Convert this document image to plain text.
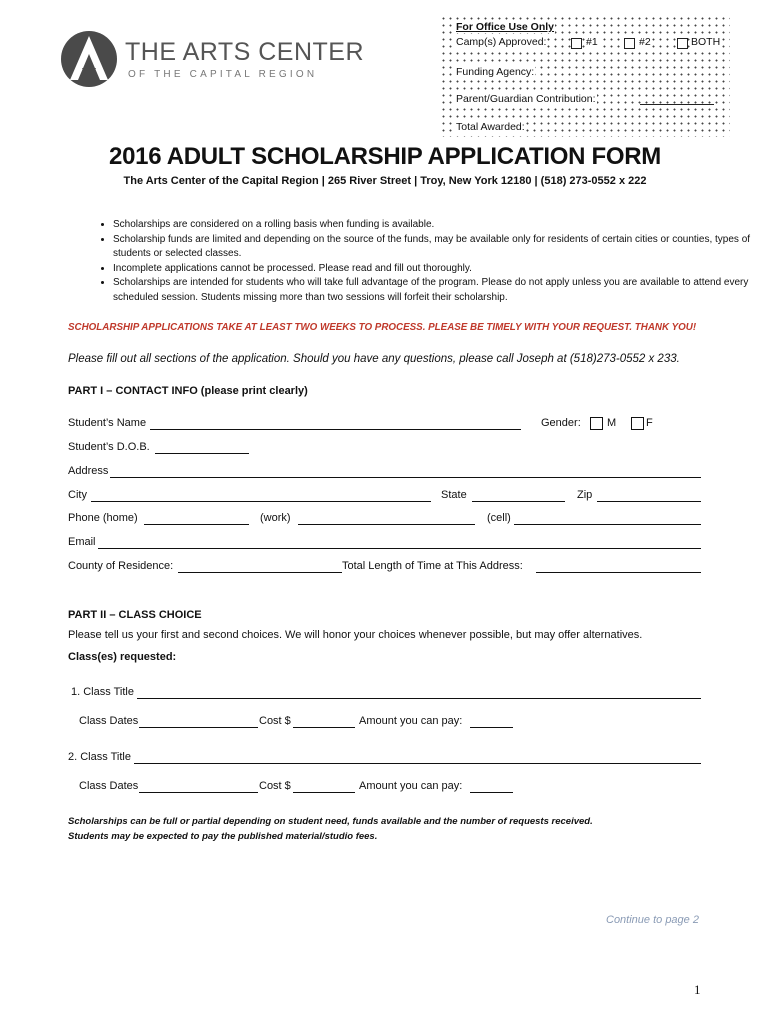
THE ARTS CENTER
OF THE CAPITAL REGION
For Office Use Only
Camp(s) Approved:	#1	#2	BOTH
Funding Agency:
Parent/Guardian Contribution:
Total Awarded:
2016 ADULT SCHOLARSHIP APPLICATION FORM
The Arts Center of the Capital Region | 265 River Street | Troy, New York 12180 | (518) 273-0552 x 222
• Scholarships are considered on a rolling basis when funding is available.
• Scholarship funds are limited and depending on the source of the funds, may be available only for residents of certain cities or counties, types of students or selected classes.
• Incomplete applications cannot be processed. Please read and fill out thoroughly.
• Scholarships are intended for students who will take full advantage of the program. Please do not apply unless you are available to attend every scheduled session. Students missing more than two sessions will forfeit their scholarship.
SCHOLARSHIP APPLICATIONS TAKE AT LEAST TWO WEEKS TO PROCESS. PLEASE BE TIMELY WITH YOUR REQUEST. THANK YOU!
Please fill out all sections of the application. Should you have any questions, please call Joseph at (518)273-0552 x 233.
PART I – CONTACT INFO (please print clearly)
Student’s Name	Gender: M	F
Student’s D.O.B.
Address
City	State	Zip
Phone (home)	(work)	(cell)
Email
County of Residence:	Total Length of Time at This Address:
PART II – CLASS CHOICE
Please tell us your first and second choices. We will honor your choices whenever possible, but may offer alternatives.
Class(es) requested:
1. Class Title
Class Dates	Cost $	Amount you can pay:
2. Class Title
Class Dates	Cost $	Amount you can pay:
Scholarships can be full or partial depending on student need, funds available and the number of requests received.
Students may be expected to pay the published material/studio fees.
Continue to page 2
1
